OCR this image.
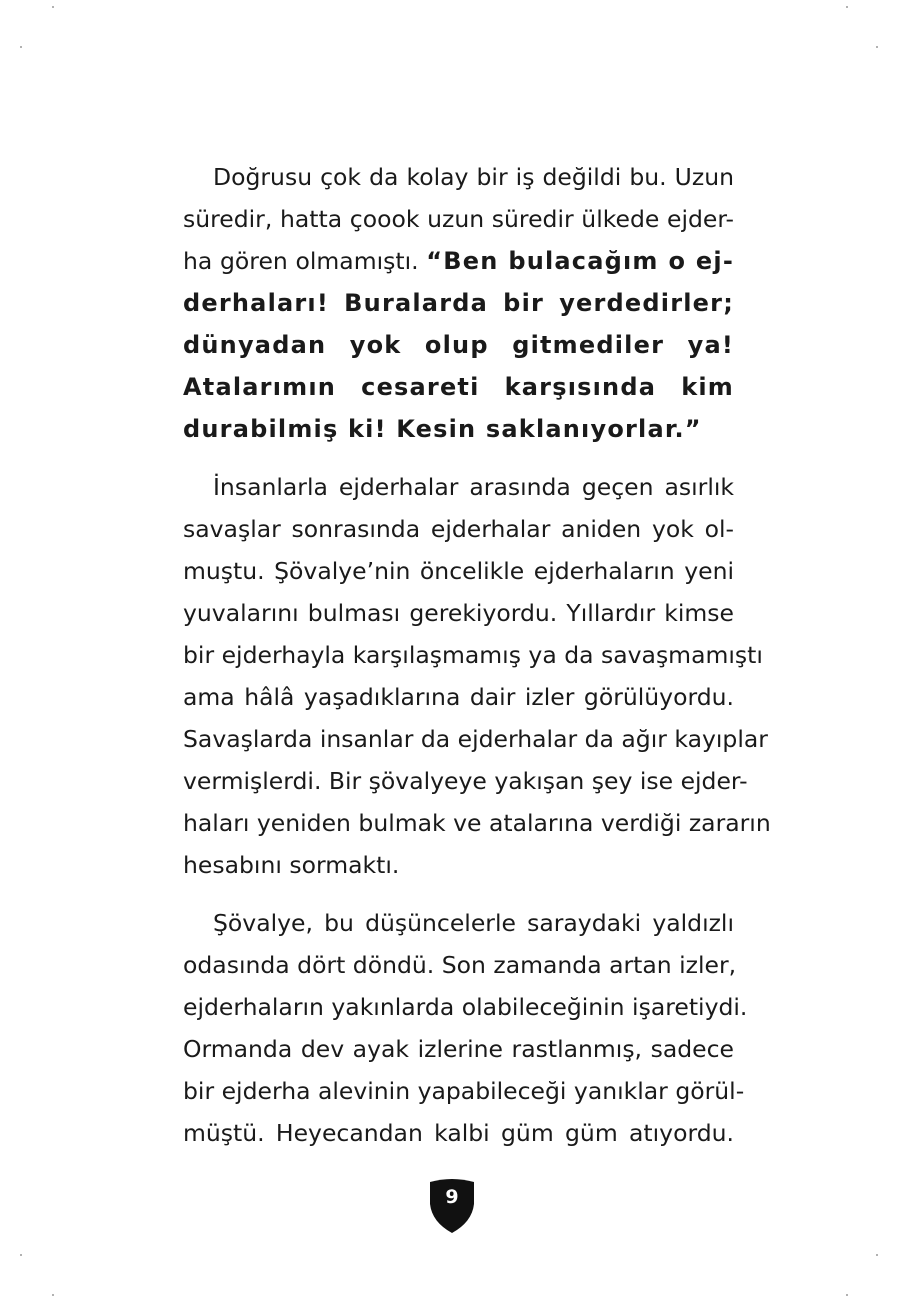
Doğrusu çok da kolay bir iş değildi bu. Uzun
süredir, hatta çoook uzun süredir ülkede ejder-
ha gören olmamıştı. “Ben bulacağım o ej-
derhaları! Buralarda bir yerdedirler;
dünyadan yok olup gitmediler ya!
Atalarımın cesareti karşısında kim
durabilmiş ki! Kesin saklanıyorlar.”
İnsanlarla ejderhalar arasında geçen asırlık
savaşlar sonrasında ejderhalar aniden yok ol-
muştu. Şövalye’nin öncelikle ejderhaların yeni
yuvalarını bulması gerekiyordu. Yıllardır kimse
bir ejderhayla karşılaşmamış ya da savaşmamıştı
ama hâlâ yaşadıklarına dair izler görülüyordu.
Savaşlarda insanlar da ejderhalar da ağır kayıplar
vermişlerdi. Bir şövalyeye yakışan şey ise ejder-
haları yeniden bulmak ve atalarına verdiği zararın
hesabını sormaktı.
Şövalye, bu düşüncelerle saraydaki yaldızlı
odasında dört döndü. Son zamanda artan izler,
ejderhaların yakınlarda olabileceğinin işaretiydi.
Ormanda dev ayak izlerine rastlanmış, sadece
bir ejderha alevinin yapabileceği yanıklar görül-
müştü. Heyecandan kalbi güm güm atıyordu.
9
